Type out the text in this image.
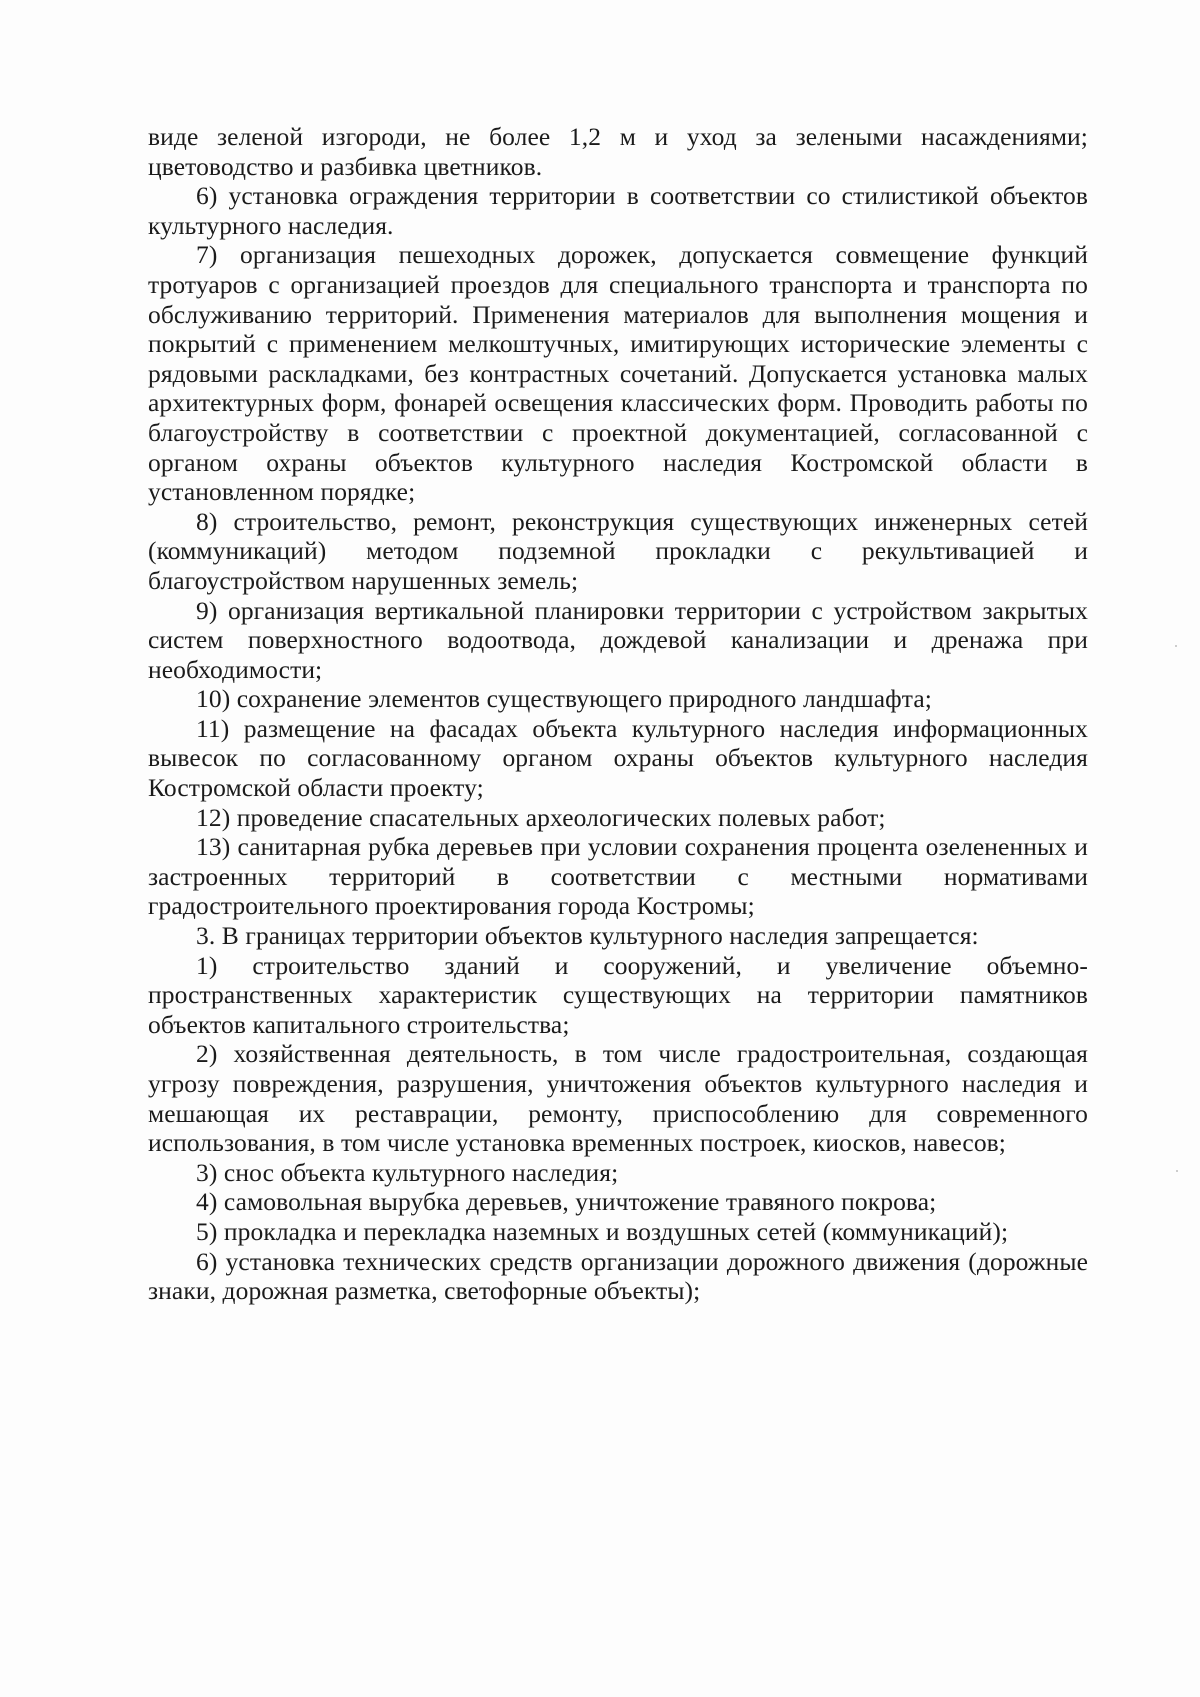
виде зеленой изгороди, не более 1,2 м и уход за зелеными насаждениями; цветоводство и разбивка цветников.

6) установка ограждения территории в соответствии со стилистикой объектов культурного наследия.

7) организация пешеходных дорожек, допускается совмещение функций тротуаров с организацией проездов для специального транспорта и транспорта по обслуживанию территорий. Применения материалов для выполнения мощения и покрытий с применением мелкоштучных, имитирующих исторические элементы с рядовыми раскладками, без контрастных сочетаний. Допускается установка малых архитектурных форм, фонарей освещения классических форм. Проводить работы по благоустройству в соответствии с проектной документацией, согласованной с органом охраны объектов культурного наследия Костромской области в установленном порядке;

8) строительство, ремонт, реконструкция существующих инженерных сетей (коммуникаций) методом подземной прокладки с рекультивацией и благоустройством нарушенных земель;

9) организация вертикальной планировки территории с устройством закрытых систем поверхностного водоотвода, дождевой канализации и дренажа при необходимости;

10) сохранение элементов существующего природного ландшафта;

11) размещение на фасадах объекта культурного наследия информационных вывесок по согласованному органом охраны объектов культурного наследия Костромской области проекту;

12) проведение спасательных археологических полевых работ;

13) санитарная рубка деревьев при условии сохранения процента озелененных и застроенных территорий в соответствии с местными нормативами градостроительного проектирования города Костромы;

3. В границах территории объектов культурного наследия запрещается:

1) строительство зданий и сооружений, и увеличение объемно-пространственных характеристик существующих на территории памятников объектов капитального строительства;

2) хозяйственная деятельность, в том числе градостроительная, создающая угрозу повреждения, разрушения, уничтожения объектов культурного наследия и мешающая их реставрации, ремонту, приспособлению для современного использования, в том числе установка временных построек, киосков, навесов;

3) снос объекта культурного наследия;

4) самовольная вырубка деревьев, уничтожение травяного покрова;

5) прокладка и перекладка наземных и воздушных сетей (коммуникаций);

6) установка технических средств организации дорожного движения (дорожные знаки, дорожная разметка, светофорные объекты);
